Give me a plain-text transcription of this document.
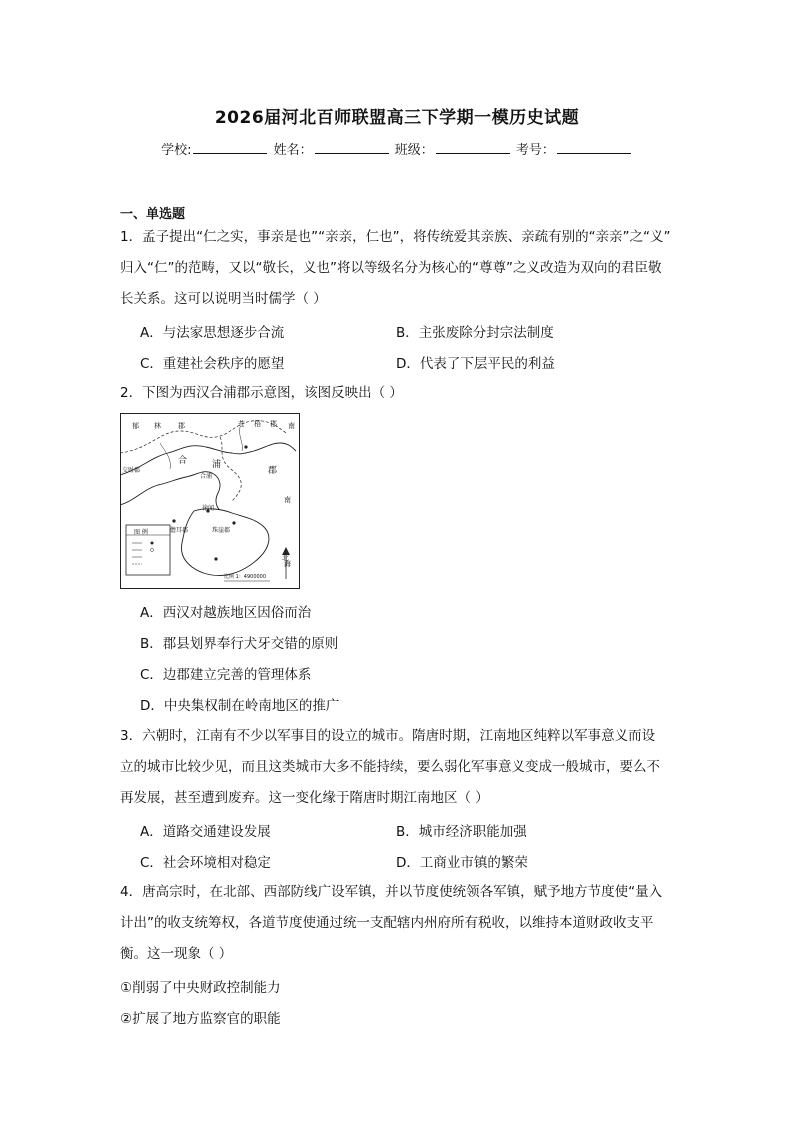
2026届河北百师联盟高三下学期一模历史试题
学校:	姓名：	班级：	考号：
一、单选题
1．孟子提出“仁之实，事亲是也”“亲亲，仁也”，将传统爱其亲族、亲疏有别的“亲亲”之“义”
归入“仁”的范畴，又以“敬长，义也”将以等级名分为核心的“尊尊”之义改造为双向的君臣敬
长关系。这可以说明当时儒学（ ）
A．与法家思想逐步合流	B．主张废除分封宗法制度
C．重建社会秩序的愿望	D．代表了下层平民的利益
2．下图为西汉合浦郡示意图，该图反映出（ ）
郁 林 郡	苍 梧 郡 南
合	浦
郡
南
海
北
交趾郡
珠崖郡
儋耳郡
徐闻
合浦
图 例
比例 1：4900000
A．西汉对越族地区因俗而治
B．郡县划界奉行犬牙交错的原则
C．边郡建立完善的管理体系
D．中央集权制在岭南地区的推广
3．六朝时，江南有不少以军事目的设立的城市。隋唐时期，江南地区纯粹以军事意义而设
立的城市比较少见，而且这类城市大多不能持续，要么弱化军事意义变成一般城市，要么不
再发展，甚至遭到废弃。这一变化缘于隋唐时期江南地区（ ）
A．道路交通建设发展	B．城市经济职能加强
C．社会环境相对稳定	D．工商业市镇的繁荣
4．唐高宗时，在北部、西部防线广设军镇，并以节度使统领各军镇，赋予地方节度使“量入
计出”的收支统筹权，各道节度使通过统一支配辖内州府所有税收，以维持本道财政收支平
衡。这一现象（ ）
①削弱了中央财政控制能力
②扩展了地方监察官的职能
